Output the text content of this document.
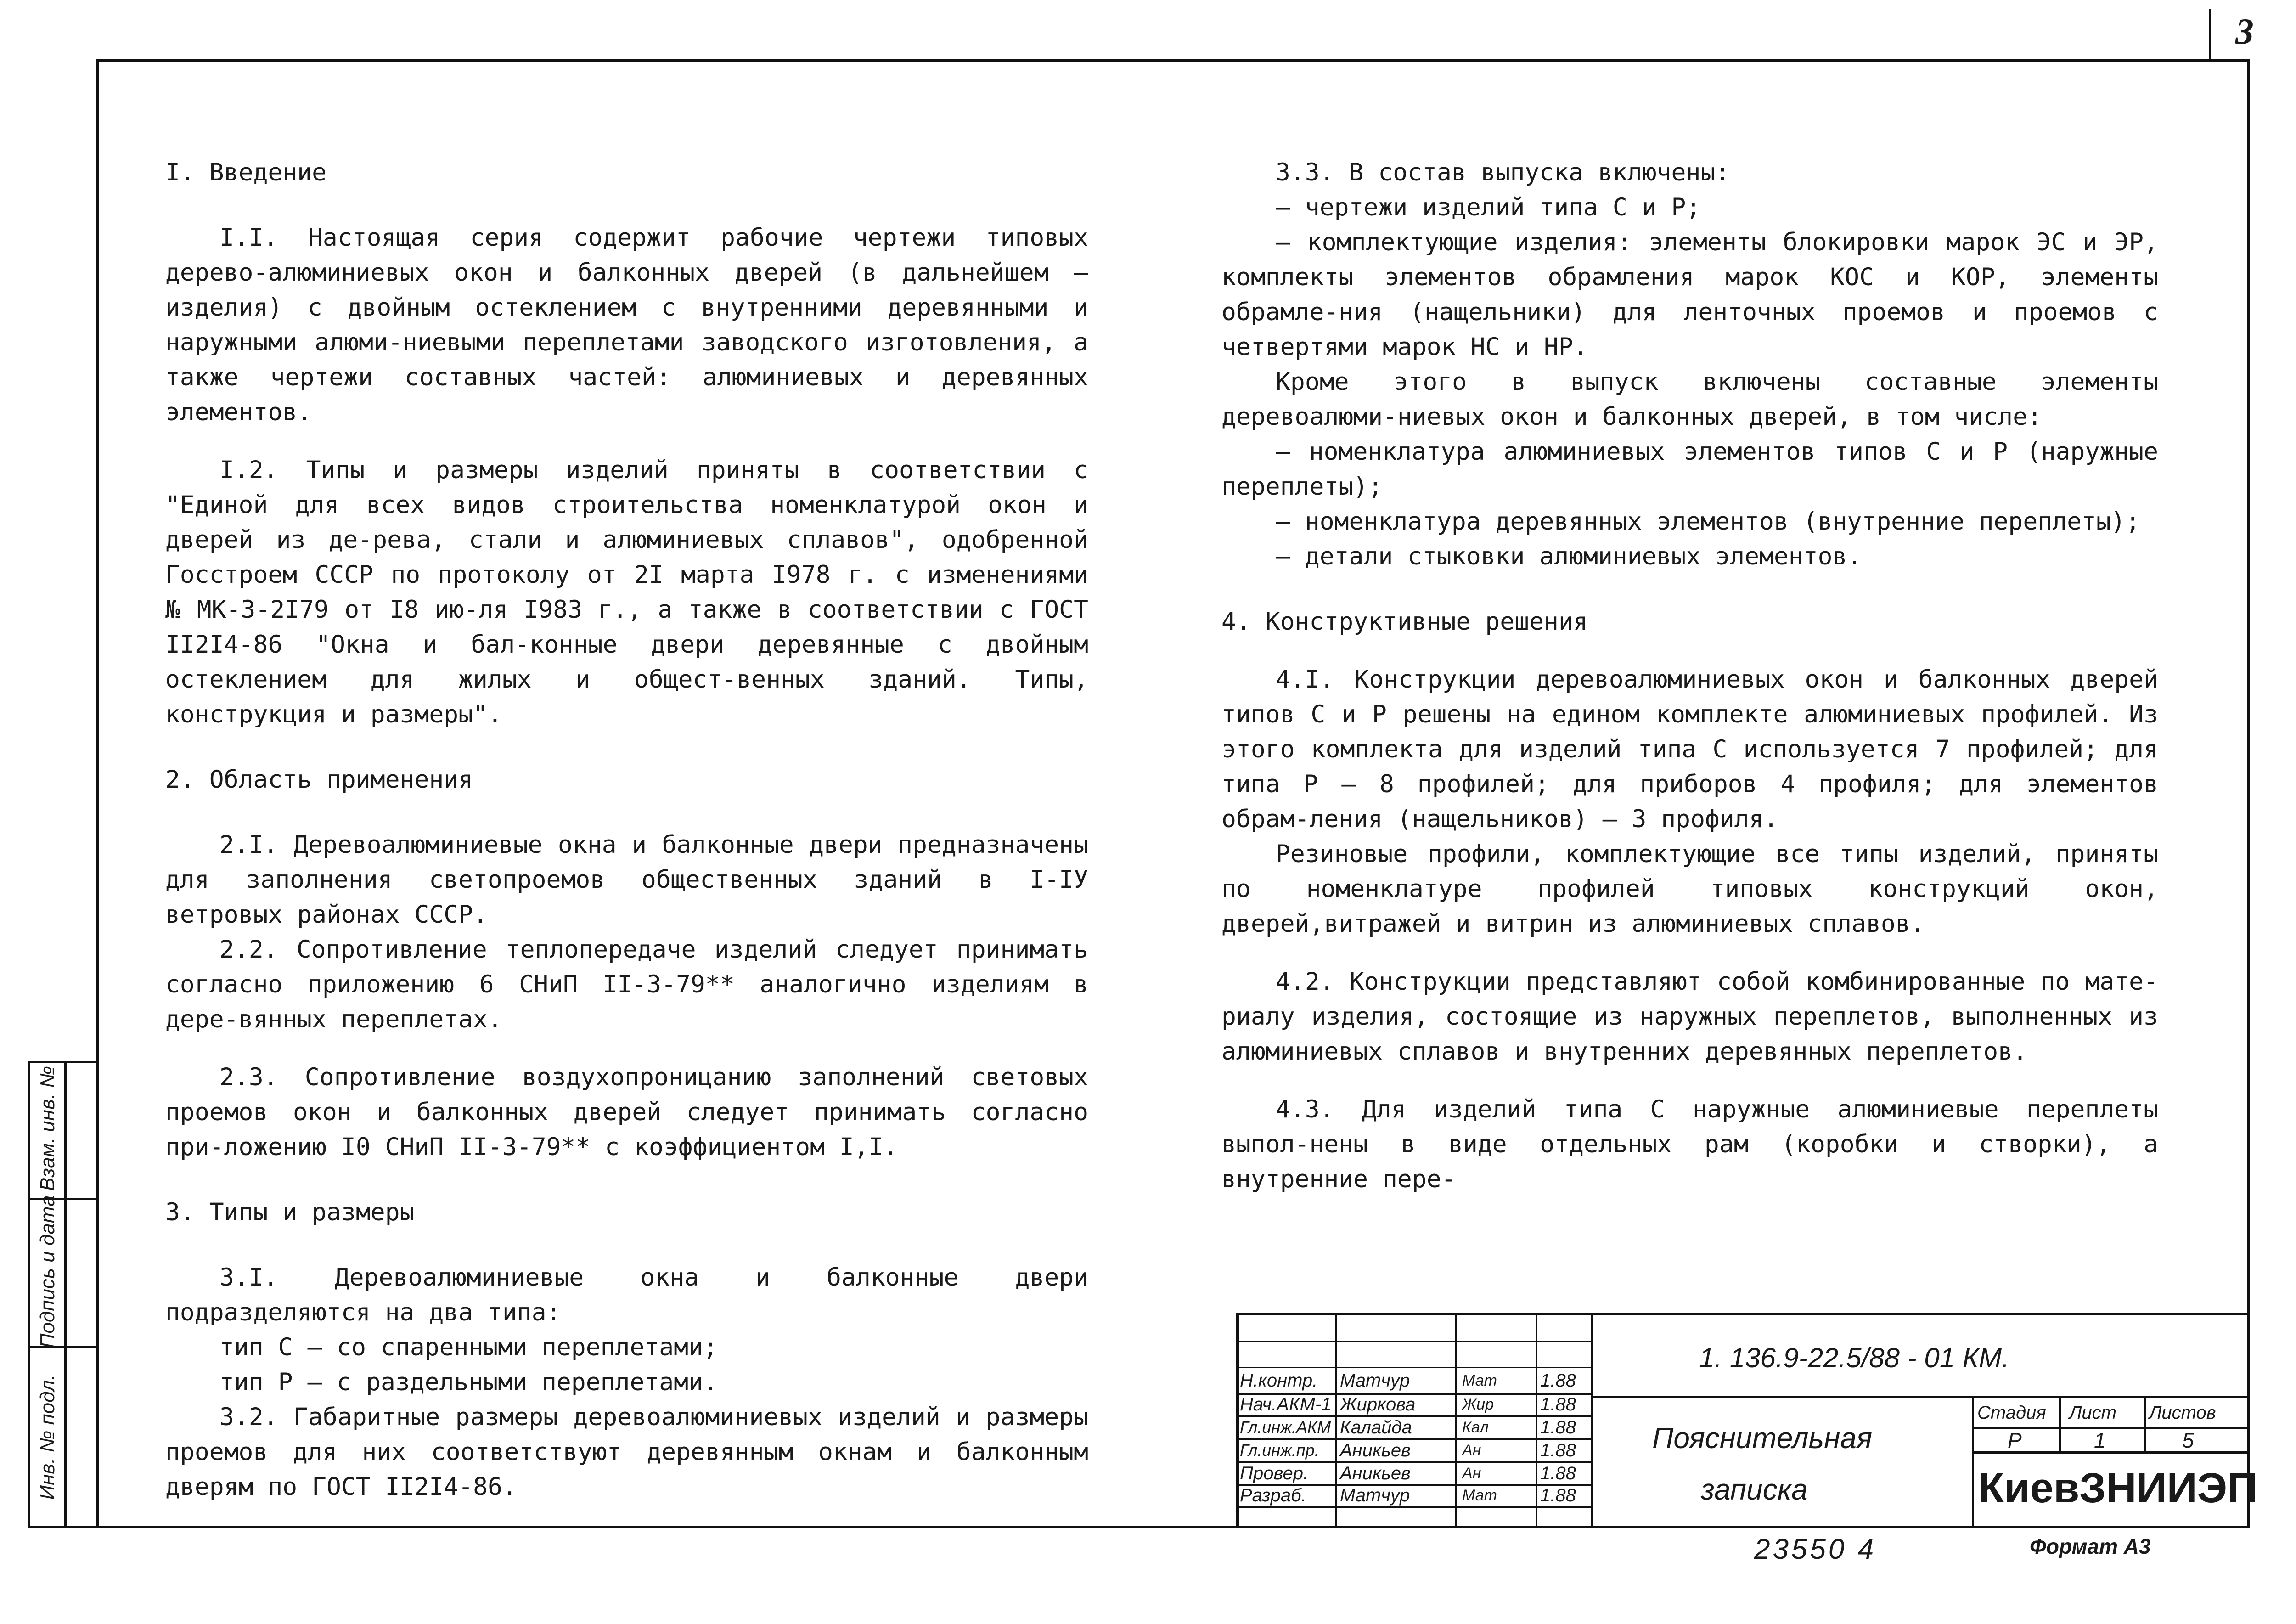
3

I. Введение

I.I. Настоящая серия содержит рабочие чертежи типовых дерево-алюминиевых окон и балконных дверей (в дальнейшем – изделия) с двойным остеклением с внутренними деревянными и наружными алюми-ниевыми переплетами заводского изготовления, а также чертежи составных частей: алюминиевых и деревянных элементов.

I.2. Типы и размеры изделий приняты в соответствии с "Единой для всех видов строительства номенклатурой окон и дверей из де-рева, стали и алюминиевых сплавов", одобренной Госстроем СССР по протоколу от 2I марта I978 г. с изменениями № МК-3-2I79 от I8 ию-ля I983 г., а также в соответствии с ГОСТ II2I4-86 "Окна и бал-конные двери деревянные с двойным остеклением для жилых и общест-венных зданий. Типы, конструкция и размеры".

2. Область применения

2.I. Деревоалюминиевые окна и балконные двери предназначены для заполнения светопроемов общественных зданий в I-IУ ветровых районах СССР.

2.2. Сопротивление теплопередаче изделий следует принимать согласно приложению 6 СНиП II-3-79** аналогично изделиям в дере-вянных переплетах.

2.3. Сопротивление воздухопроницанию заполнений световых проемов окон и балконных дверей следует принимать согласно при-ложению I0 СНиП II-3-79** с коэффициентом I,I.

3. Типы и размеры

3.I. Деревоалюминиевые окна и балконные двери подразделяются на два типа:

тип С – со спаренными переплетами;

тип Р – с раздельными переплетами.

3.2. Габаритные размеры деревоалюминиевых изделий и размеры проемов для них соответствуют деревянным окнам и балконным дверям по ГОСТ II2I4-86.

3.3. В состав выпуска включены:

– чертежи изделий типа С и Р;

– комплектующие изделия: элементы блокировки марок ЭС и ЭР, комплекты элементов обрамления марок КОС и КОР, элементы обрамле-ния (нащельники) для ленточных проемов и проемов с четвертями марок НС и НР.

Кроме этого в выпуск включены составные элементы деревоалюми-ниевых окон и балконных дверей, в том числе:

– номенклатура алюминиевых элементов типов С и Р (наружные переплеты);

– номенклатура деревянных элементов (внутренние переплеты);

– детали стыковки алюминиевых элементов.

4. Конструктивные решения

4.I. Конструкции деревоалюминиевых окон и балконных дверей типов С и Р решены на едином комплекте алюминиевых профилей. Из этого комплекта для изделий типа С используется 7 профилей; для типа Р – 8 профилей; для приборов 4 профиля; для элементов обрам-ления (нащельников) – 3 профиля.

Резиновые профили, комплектующие все типы изделий, приняты по номенклатуре профилей типовых конструкций окон, дверей,витражей и витрин из алюминиевых сплавов.

4.2. Конструкции представляют собой комбинированные по мате-риалу изделия, состоящие из наружных переплетов, выполненных из алюминиевых сплавов и внутренних деревянных переплетов.

4.3. Для изделий типа С наружные алюминиевые переплеты выпол-нены в виде отдельных рам (коробки и створки), а внутренние пере-

Взам. инв. №
Подпись и дата
Инв. № подл.
1. 136.9-22.5/88 - 01 КМ.
Пояснительная
записка
Стадия Лист Листов
Р	1	5
КиевЗНИИЭП
Н.контр. Матчур	Мат 1.88
Нач.АКМ-1 Жиркова	Жир	1.88
Гл.инж.АКМ Калайда	Кал	1.88
Гл.инж.пр. Аникьев	Ан	1.88
Провер. Аникьев	Ан	1.88
Разраб. Матчур	Мат 1.88
23550 4	Формат А3
